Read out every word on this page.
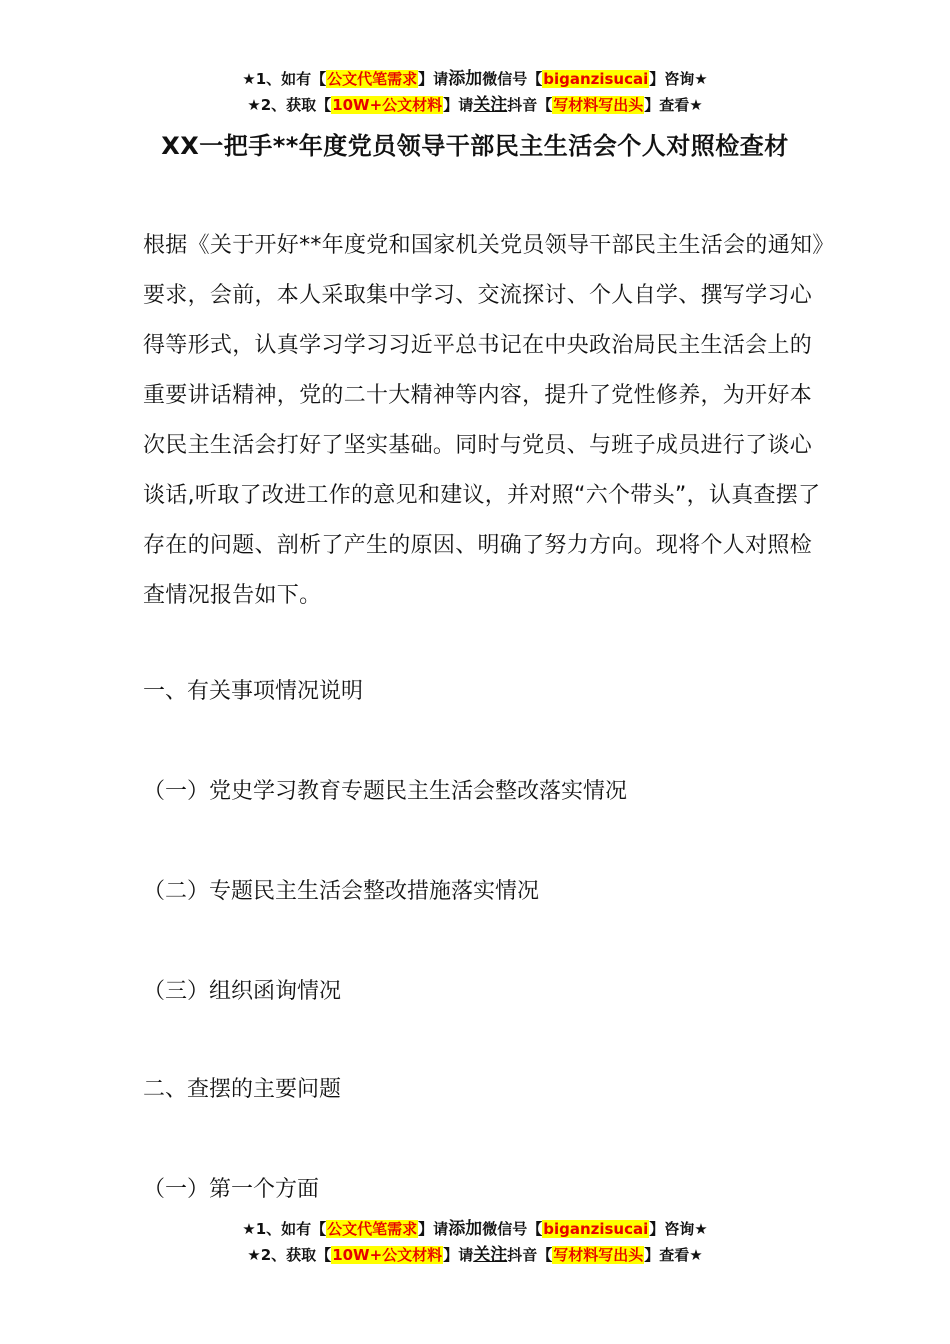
★1、如有【公文代笔需求】请添加微信号【biganzisucai】咨询★
★2、获取【10W+公文材料】请关注抖音【写材料写出头】查看★
XX一把手**年度党员领导干部民主生活会个人对照检查材

根据《关于开好**年度党和国家机关党员领导干部民主生活会的通知》要求，会前，本人采取集中学习、交流探讨、个人自学、撰写学习心得等形式，认真学习学习习近平总书记在中央政治局民主生活会上的重要讲话精神，党的二十大精神等内容，提升了党性修养，为开好本次民主生活会打好了坚实基础。同时与党员、与班子成员进行了谈心谈话,听取了改进工作的意见和建议，并对照“六个带头”，认真查摆了存在的问题、剖析了产生的原因、明确了努力方向。现将个人对照检查情况报告如下。

一、有关事项情况说明

（一）党史学习教育专题民主生活会整改落实情况

（二）专题民主生活会整改措施落实情况

（三）组织函询情况

二、查摆的主要问题

（一）第一个方面

★1、如有【公文代笔需求】请添加微信号【biganzisucai】咨询★
★2、获取【10W+公文材料】请关注抖音【写材料写出头】查看★
